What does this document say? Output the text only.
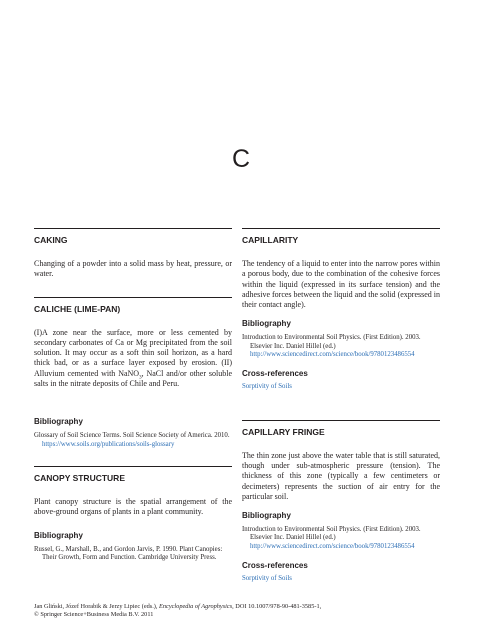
C
CAKING

Changing of a powder into a solid mass by heat, pressure, or water.

CALICHE (LIME-PAN)

(I)A zone near the surface, more or less cemented by secondary carbonates of Ca or Mg precipitated from the soil solution. It may occur as a soft thin soil horizon, as a hard thick bad, or as a surface layer exposed by erosion. (II) Alluvium cemented with NaNO$_3$, NaCl and/or other soluble salts in the nitrate deposits of Chile and Peru.

Bibliography

Glossary of Soil Science Terms. Soil Science Society of America. 2010. https://www.soils.org/publications/soils-glossary

CANOPY STRUCTURE

Plant canopy structure is the spatial arrangement of the above-ground organs of plants in a plant community.

Bibliography

Russel, G., Marshall, B., and Gordon Jarvis, P. 1990. Plant Canopies: Their Growth, Form and Function. Cambridge University Press.

CAPILLARITY

The tendency of a liquid to enter into the narrow pores within a porous body, due to the combination of the cohesive forces within the liquid (expressed in its surface tension) and the adhesive forces between the liquid and the solid (expressed in their contact angle).

Bibliography

Introduction to Environmental Soil Physics. (First Edition). 2003. Elsevier Inc. Daniel Hillel (ed.) http://www.sciencedirect.com/science/book/9780123486554

Cross-references

Sorptivity of Soils

CAPILLARY FRINGE

The thin zone just above the water table that is still saturated, though under sub-atmospheric pressure (tension). The thickness of this zone (typically a few centimeters or decimeters) represents the suction of air entry for the particular soil.

Bibliography

Introduction to Environmental Soil Physics. (First Edition). 2003. Elsevier Inc. Daniel Hillel (ed.) http://www.sciencedirect.com/science/book/9780123486554

Cross-references

Sorptivity of Soils

Jan Gliński, Józef Horabik & Jerzy Lipiec (eds.), Encyclopedia of Agrophysics, DOI 10.1007/978-90-481-3585-1,
© Springer Science+Business Media B.V. 2011
